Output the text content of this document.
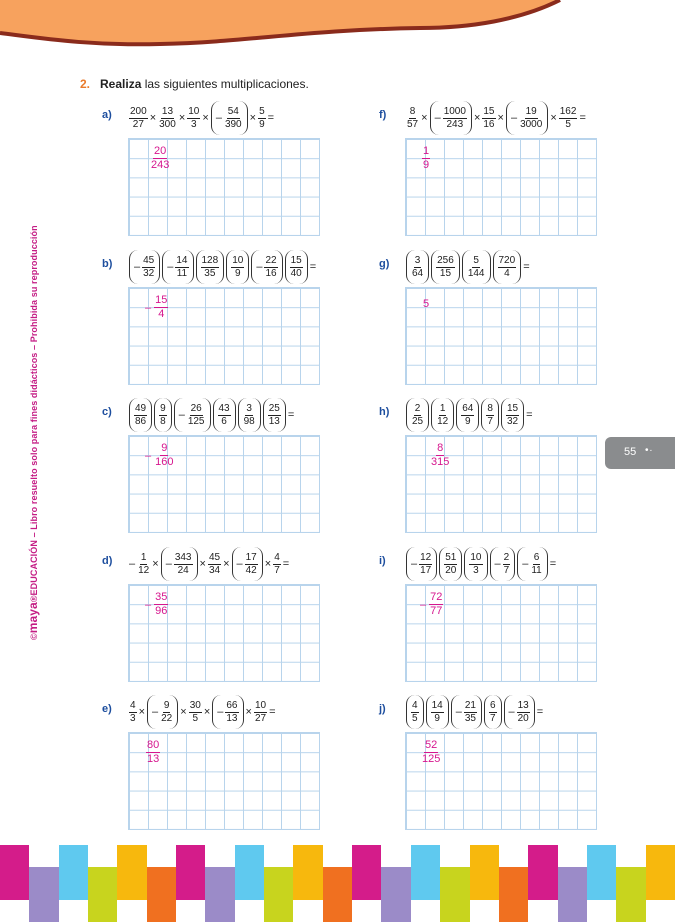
2. Realiza las siguientes multiplicaciones.
©maya®EDUCACIÓN – Libro resuelto solo para fines didácticos – Prohibida su reproducción	55 • ·
$a) \frac{200}{27} \times \frac{13}{300} \times \frac{10}{3}$ × – $\frac{54}{390} \times \frac{5}{9}$ =
$\frac{20}{243}$
$b) - \frac{45}{32} - \frac{14}{11} \frac{128}{35} \frac{10}{9} - \frac{22}{16} \frac{15}{40}$ =
– $\frac{15}{4}$
$c) \frac{49}{86} \frac{9}{8} - \frac{26}{125} \frac{43}{6} \frac{3}{98} \frac{25}{13}$ =
– $\frac{9}{160}$
$d) - \frac{1}{12}$ × – $\frac{343}{24} \times \frac{45}{34}$ × – $\frac{17}{42} \times \frac{4}{7}$ =
– $\frac{35}{96}$
$e) \frac{4}{3}$ × – $\frac{9}{22} \times \frac{30}{5}$ × – $\frac{66}{13} \times \frac{10}{27}$ =
$\frac{80}{13}$
$f) \frac{8}{57}$ × – $\frac{1000}{243} \times \frac{15}{16}$ × – $\frac{19}{3000} \times \frac{162}{5}$ =
$\frac{1}{9}$
$g) \frac{3}{64} \frac{256}{15} \frac{5}{144} \frac{720}{4}$ =
5
$h) \frac{2}{25} \frac{1}{12} \frac{64}{9} \frac{8}{7} \frac{15}{32}$ =
$\frac{8}{315}$
$i) - \frac{12}{17} \frac{51}{20} \frac{10}{3} - \frac{2}{7} - \frac{6}{11}$ =
– $\frac{72}{77}$
j)	$\frac{4}{5} \frac{14}{9} - \frac{21}{35} \frac{6}{7} - \frac{13}{20}$ =
$\frac{52}{125}$
